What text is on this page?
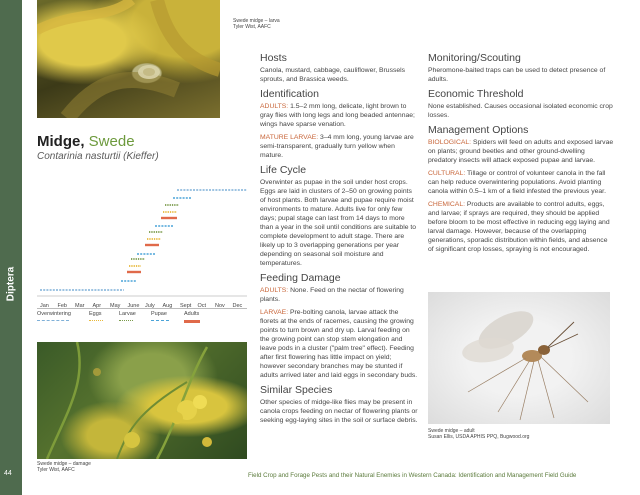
Diptera
44
Swede midge – larva
Tyler Wist, AAFC
Midge, Swede
Contarinia nasturtii (Kieffer)
Jan Feb Mar Apr May June July Aug Sept Oct Nov Dec
Overwintering	Eggs	Larvae	Pupae	Adults
Swede midge – damage
Tyler Wist, AAFC
Hosts

Canola, mustard, cabbage, cauliflower, Brussels sprouts, and Brassica weeds.

Identification

ADULTS: 1.5–2 mm long, delicate, light brown to gray flies with long legs and long beaded antennae; wings have sparse venation.

MATURE LARVAE: 3–4 mm long, young larvae are semi-transparent, gradually turn yellow when mature.

Life Cycle

Overwinter as pupae in the soil under host crops. Eggs are laid in clusters of 2–50 on growing points of host plants. Both larvae and pupae require moist environments to mature. Adults live for only few days; pupal stage can last from 14 days to more than a year in the soil until conditions are suitable to complete development to adult stage. There are likely up to 3 overlapping generations per year depending on seasonal soil moisture and temperatures.

Feeding Damage

ADULTS: None. Feed on the nectar of flowering plants.

LARVAE: Pre-bolting canola, larvae attack the florets at the ends of racemes, causing the growing points to turn brown and dry up. Larval feeding on the growing point can stop stem elongation and leave pods in a cluster ("palm tree" effect). Feeding after first flowering has little impact on yield; however secondary branches may be stunted if adults arrived later and laid eggs in secondary buds.

Similar Species

Other species of midge-like flies may be present in canola crops feeding on nectar of flowering plants or seeking egg-laying sites in the soil or surface debris.

Monitoring/Scouting

Pheromone-baited traps can be used to detect presence of adults.

Economic Threshold

None established. Causes occasional isolated economic crop losses.

Management Options

BIOLOGICAL: Spiders will feed on adults and exposed larvae on plants; ground beetles and other ground-dwelling predatory insects will attack exposed pupae and larvae.

CULTURAL: Tillage or control of volunteer canola in the fall can help reduce overwintering populations. Avoid planting canola within 0.5–1 km of a field infested the previous year.

CHEMICAL: Products are available to control adults, eggs, and larvae; if sprays are required, they should be applied before bloom to be most effective in reducing egg laying and larval damage. However, because of the overlapping generations, sporadic distribution within fields, and absence of significant crop losses, spraying is not encouraged.

Swede midge – adult
Susan Ellis, USDA APHIS PPQ, Bugwood.org
Field Crop and Forage Pests and their Natural Enemies in Western Canada: Identification and Management Field Guide
